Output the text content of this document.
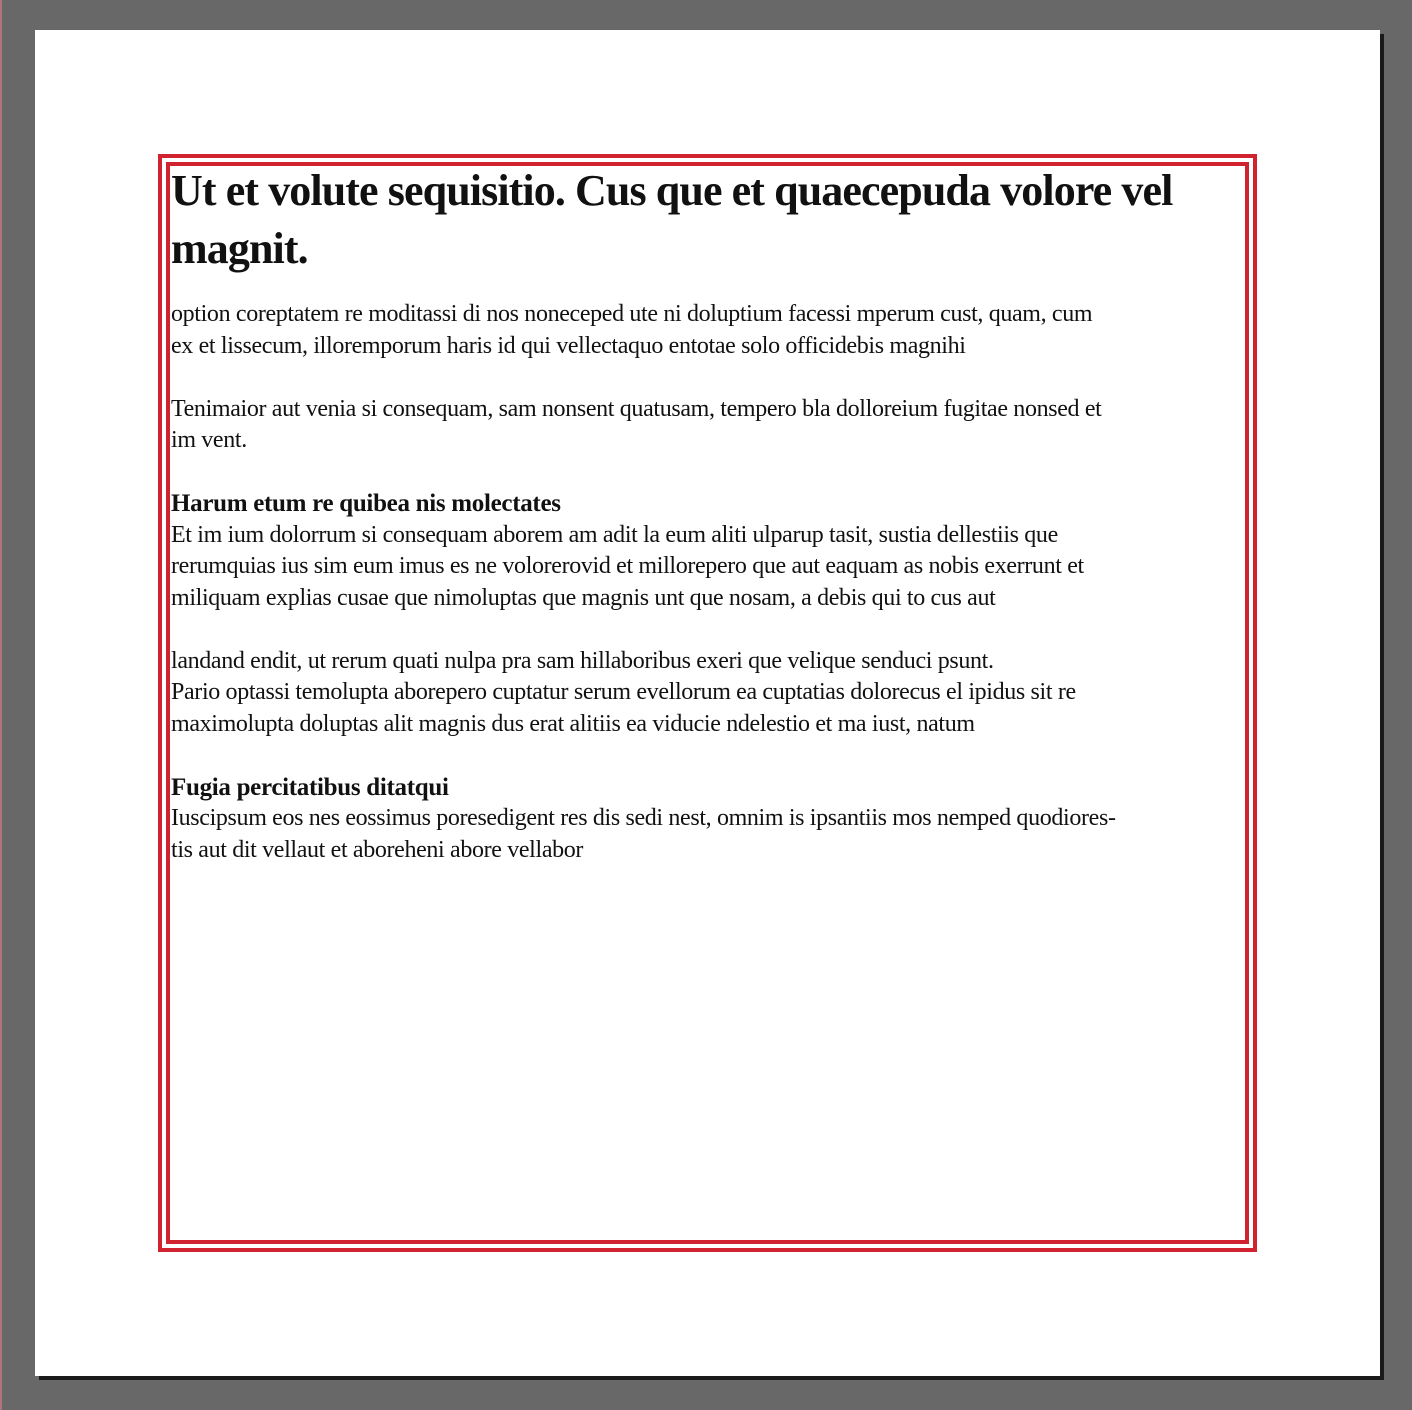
Ut et volute sequisitio. Cus que et quaecepuda volore vel magnit.

option coreptatem re moditassi di nos noneceped ute ni doluptium facessi mperum cust, quam, cum

ex et lissecum, illoremporum haris id qui vellectaquo entotae solo officidebis magnihi

Tenimaior aut venia si consequam, sam nonsent quatusam, tempero bla dolloreium fugitae nonsed et

im vent.

Harum etum re quibea nis molectates

Et im ium dolorrum si consequam aborem am adit la eum aliti ulparup tasit, sustia dellestiis que

rerumquias ius sim eum imus es ne volorerovid et millorepero que aut eaquam as nobis exerrunt et

miliquam explias cusae que nimoluptas que magnis unt que nosam, a debis qui to cus aut

landand endit, ut rerum quati nulpa pra sam hillaboribus exeri que velique senduci psunt.

Pario optassi temolupta aborepero cuptatur serum evellorum ea cuptatias dolorecus el ipidus sit re

maximolupta doluptas alit magnis dus erat alitiis ea viducie ndelestio et ma iust, natum

Fugia percitatibus ditatqui

Iuscipsum eos nes eossimus poresedigent res dis sedi nest, omnim is ipsantiis mos nemped quodiores-

tis aut dit vellaut et aboreheni abore vellabor
